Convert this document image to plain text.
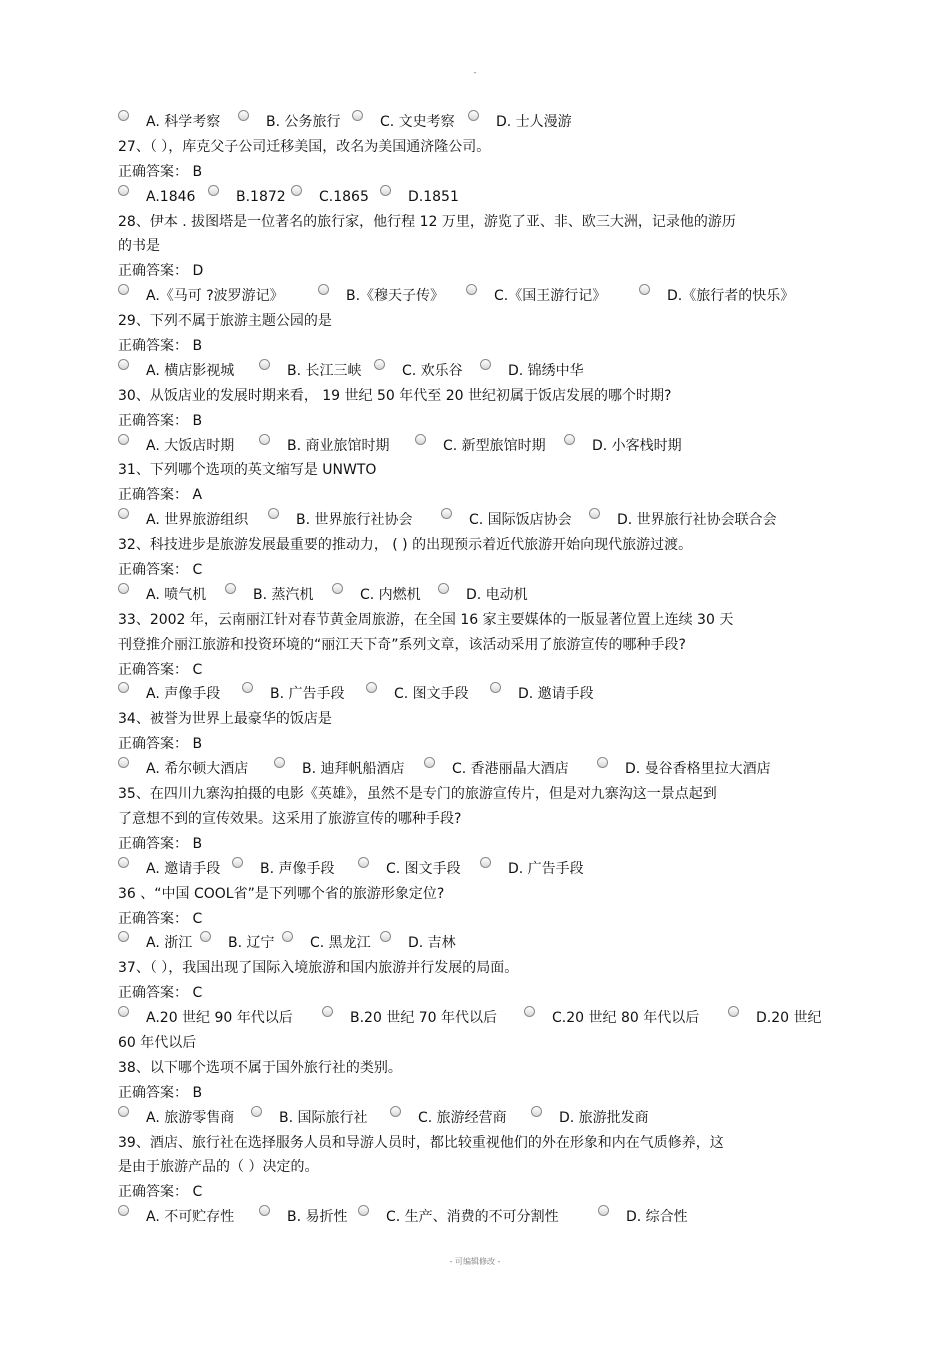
-
A. 科学考察	B. 公务旅行	C. 文史考察	D. 士人漫游
27、（ ），库克父子公司迁移美国，改名为美国通济隆公司。
正确答案： B
A.1846	B.1872	C.1865	D.1851
28、伊本 . 拔图塔是一位著名的旅行家，他行程 12 万里，游览了亚、非、欧三大洲，记录他的游历
的书是
正确答案： D
A.《马可 ?波罗游记》	B.《穆天子传》	C.《国王游行记》	D.《旅行者的快乐》
29、下列不属于旅游主题公园的是
正确答案： B
A. 横店影视城	B. 长江三峡	C. 欢乐谷	D. 锦绣中华
30、从饭店业的发展时期来看， 19 世纪 50 年代至 20 世纪初属于饭店发展的哪个时期?
正确答案： B
A. 大饭店时期	B. 商业旅馆时期	C. 新型旅馆时期	D. 小客栈时期
31、下列哪个选项的英文缩写是 UNWTO
正确答案： A
A. 世界旅游组织	B. 世界旅行社协会	C. 国际饭店协会	D. 世界旅行社协会联合会
32、科技进步是旅游发展最重要的推动力， ( ) 的出现预示着近代旅游开始向现代旅游过渡。
正确答案： C
A. 喷气机	B. 蒸汽机	C. 内燃机	D. 电动机
33、2002 年，云南丽江针对春节黄金周旅游，在全国 16 家主要媒体的一版显著位置上连续 30 天
刊登推介丽江旅游和投资环境的“丽江天下奇”系列文章，该活动采用了旅游宣传的哪种手段?
正确答案： C
A. 声像手段	B. 广告手段	C. 图文手段	D. 邀请手段
34、被誉为世界上最豪华的饭店是
正确答案： B
A. 希尔顿大酒店	B. 迪拜帆船酒店	C. 香港丽晶大酒店	D. 曼谷香格里拉大酒店
35、在四川九寨沟拍摄的电影《英雄》，虽然不是专门的旅游宣传片，但是对九寨沟这一景点起到
了意想不到的宣传效果。这采用了旅游宣传的哪种手段?
正确答案： B
A. 邀请手段	B. 声像手段	C. 图文手段	D. 广告手段
36 、“中国 COOL省”是下列哪个省的旅游形象定位?
正确答案： C
A. 浙江	B. 辽宁	C. 黑龙江	D. 吉林
37、（ ），我国出现了国际入境旅游和国内旅游并行发展的局面。
正确答案： C
A.20 世纪 90 年代以后	B.20 世纪 70 年代以后	C.20 世纪 80 年代以后	D.20 世纪
60 年代以后
38、以下哪个选项不属于国外旅行社的类别。
正确答案： B
A. 旅游零售商	B. 国际旅行社	C. 旅游经营商	D. 旅游批发商
39、酒店、旅行社在选择服务人员和导游人员时，都比较重视他们的外在形象和内在气质修养，这
是由于旅游产品的（ ）决定的。
正确答案： C
A. 不可贮存性	B. 易折性	C. 生产、消费的不可分割性	D. 综合性
- 可编辑修改 -
